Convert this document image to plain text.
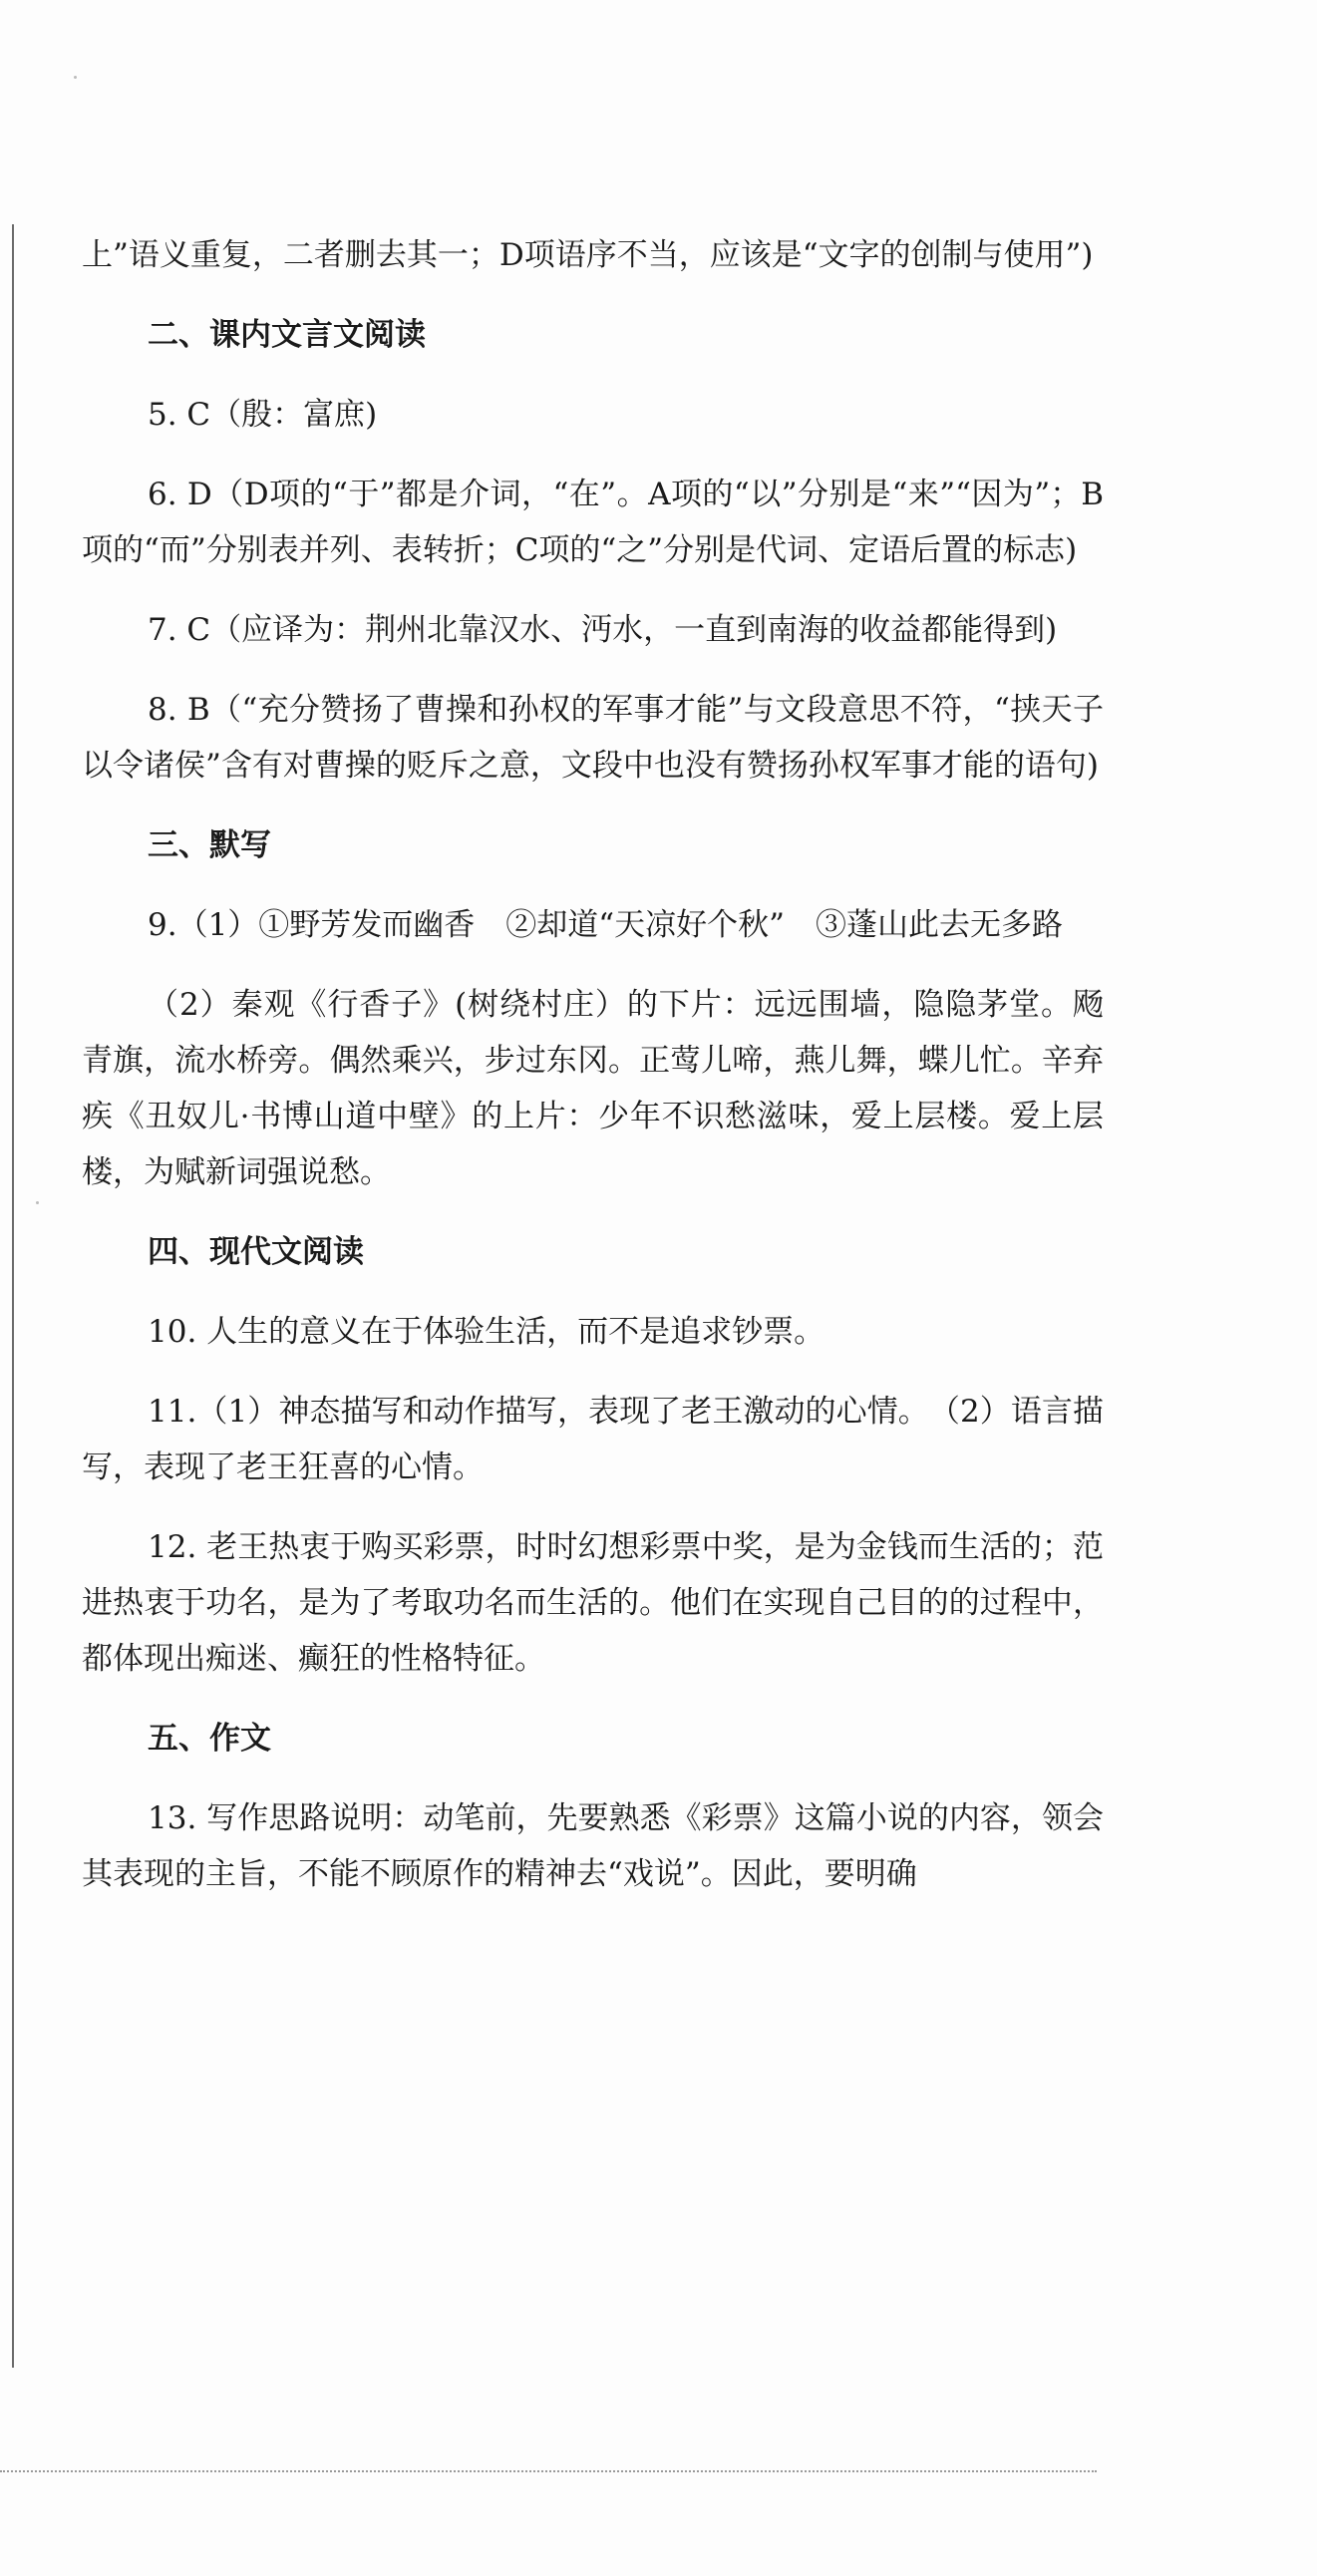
上”语义重复，二者删去其一；D项语序不当，应该是“文字的创制与使用”)

二、课内文言文阅读

5. C（殷：富庶)

6. D（D项的“于”都是介词，“在”。A项的“以”分别是“来”“因为”；B项的“而”分别表并列、表转折；C项的“之”分别是代词、定语后置的标志)

7. C（应译为：荆州北靠汉水、沔水，一直到南海的收益都能得到)

8. B（“充分赞扬了曹操和孙权的军事才能”与文段意思不符，“挟天子以令诸侯”含有对曹操的贬斥之意，文段中也没有赞扬孙权军事才能的语句)

三、默写

9.（1）①野芳发而幽香　②却道“天凉好个秋”　③蓬山此去无多路

（2）秦观《行香子》(树绕村庄）的下片：远远围墙，隐隐茅堂。飏青旗，流水桥旁。偶然乘兴，步过东冈。正莺儿啼，燕儿舞，蝶儿忙。辛弃疾《丑奴儿·书博山道中壁》的上片：少年不识愁滋味，爱上层楼。爱上层楼，为赋新词强说愁。

四、现代文阅读

10. 人生的意义在于体验生活，而不是追求钞票。

11.（1）神态描写和动作描写，表现了老王激动的心情。　（2）语言描写，表现了老王狂喜的心情。

12. 老王热衷于购买彩票，时时幻想彩票中奖，是为金钱而生活的；范进热衷于功名，是为了考取功名而生活的。他们在实现自己目的的过程中，都体现出痴迷、癫狂的性格特征。

五、作文

13. 写作思路说明：动笔前，先要熟悉《彩票》这篇小说的内容，领会其表现的主旨，不能不顾原作的精神去“戏说”。因此，要明确
